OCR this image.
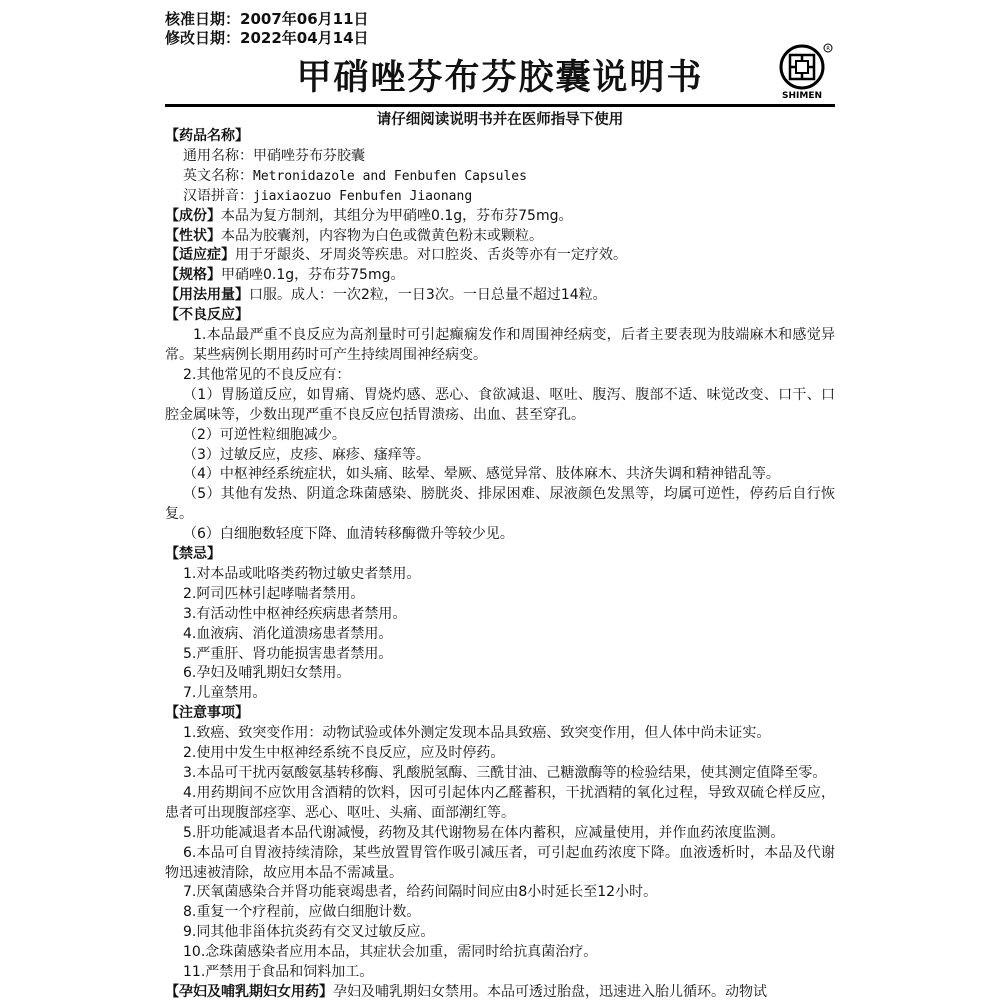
核准日期：2007年06月11日
修改日期：2022年04月14日
甲硝唑芬布芬胶囊说明书
R
SHIMEN
请仔细阅读说明书并在医师指导下使用
【药品名称】
通用名称：甲硝唑芬布芬胶囊
英文名称：Metronidazole and Fenbufen Capsules
汉语拼音：jiaxiaozuo Fenbufen Jiaonang
【成份】本品为复方制剂，其组分为甲硝唑0.1g，芬布芬75mg。
【性状】本品为胶囊剂，内容物为白色或微黄色粉末或颗粒。
【适应症】用于牙龈炎、牙周炎等疾患。对口腔炎、舌炎等亦有一定疗效。
【规格】甲硝唑0.1g，芬布芬75mg。
【用法用量】口服。成人：一次2粒，一日3次。一日总量不超过14粒。
【不良反应】
1.本品最严重不良反应为高剂量时可引起癫痫发作和周围神经病变，后者主要表现为肢端麻木和感觉异常。某些病例长期用药时可产生持续周围神经病变。
2.其他常见的不良反应有：
（1）胃肠道反应，如胃痛、胃烧灼感、恶心、食欲减退、呕吐、腹泻、腹部不适、味觉改变、口干、口腔金属味等，少数出现严重不良反应包括胃溃疡、出血、甚至穿孔。
（2）可逆性粒细胞减少。
（3）过敏反应，皮疹、麻疹、瘙痒等。
（4）中枢神经系统症状，如头痛、眩晕、晕厥、感觉异常、肢体麻木、共济失调和精神错乱等。
（5）其他有发热、阴道念珠菌感染、膀胱炎、排尿困难、尿液颜色发黑等，均属可逆性，停药后自行恢复。
（6）白细胞数轻度下降、血清转移酶微升等较少见。
【禁忌】
1.对本品或吡咯类药物过敏史者禁用。
2.阿司匹林引起哮喘者禁用。
3.有活动性中枢神经疾病患者禁用。
4.血液病、消化道溃疡患者禁用。
5.严重肝、肾功能损害患者禁用。
6.孕妇及哺乳期妇女禁用。
7.儿童禁用。
【注意事项】
1.致癌、致突变作用：动物试验或体外测定发现本品具致癌、致突变作用，但人体中尚未证实。
2.使用中发生中枢神经系统不良反应，应及时停药。
3.本品可干扰丙氨酸氨基转移酶、乳酸脱氢酶、三酰甘油、己糖激酶等的检验结果，使其测定值降至零。
4.用药期间不应饮用含酒精的饮料，因可引起体内乙醛蓄积，干扰酒精的氧化过程，导致双硫仑样反应，患者可出现腹部痉挛、恶心、呕吐、头痛、面部潮红等。
5.肝功能减退者本品代谢减慢，药物及其代谢物易在体内蓄积，应减量使用，并作血药浓度监测。
6.本品可自胃液持续清除，某些放置胃管作吸引减压者，可引起血药浓度下降。血液透析时，本品及代谢物迅速被清除，故应用本品不需减量。
7.厌氧菌感染合并肾功能衰竭患者，给药间隔时间应由8小时延长至12小时。
8.重复一个疗程前，应做白细胞计数。
9.同其他非甾体抗炎药有交叉过敏反应。
10.念珠菌感染者应用本品，其症状会加重，需同时给抗真菌治疗。
11.严禁用于食品和饲料加工。
【孕妇及哺乳期妇女用药】孕妇及哺乳期妇女禁用。本品可透过胎盘，迅速进入胎儿循环。动物试
